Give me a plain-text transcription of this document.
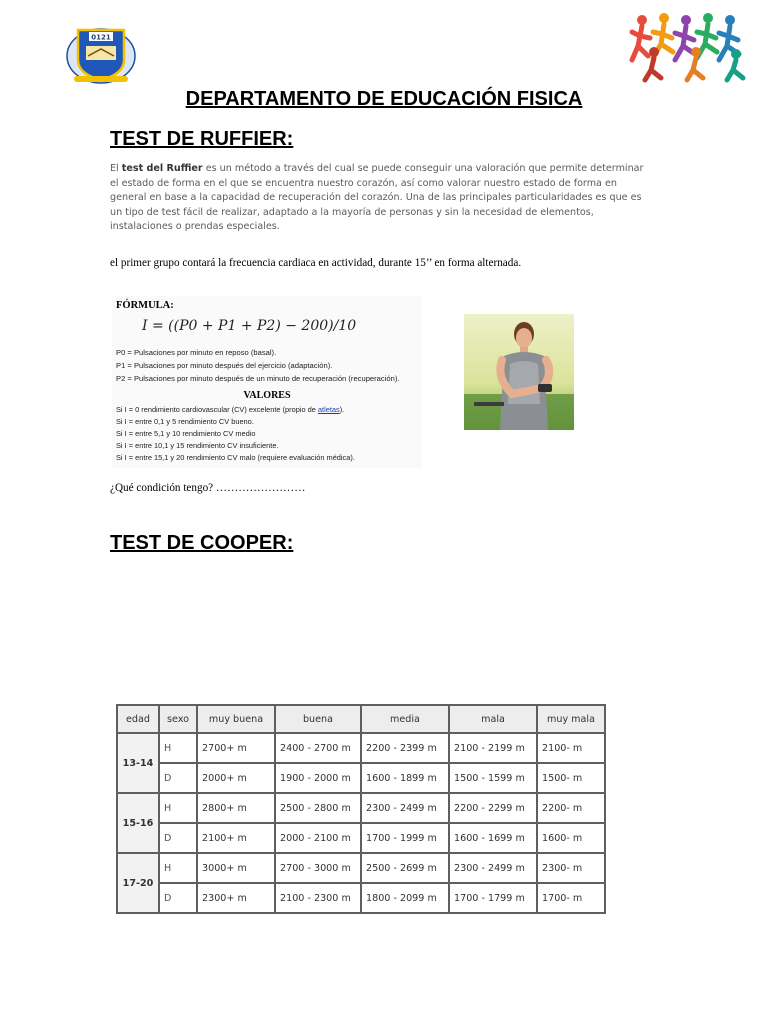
0121
DEPARTAMENTO DE EDUCACIÓN FISICA
TEST DE RUFFIER:

El test del Ruffier es un método a través del cual se puede conseguir una valoración que permite determinar el estado de forma en el que se encuentra nuestro corazón, así como valorar nuestro estado de forma en general en base a la capacidad de recuperación del corazón. Una de las principales particularidades es que es un tipo de test fácil de realizar, adaptado a la mayoría de personas y sin la necesidad de elementos, instalaciones o prendas especiales.

el primer grupo contará la frecuencia cardiaca en actividad, durante 15’’ en forma alternada.
FÓRMULA:
I = ((P0 + P1 + P2) − 200)/10
P0 = Pulsaciones por minuto en reposo (basal).
P1 = Pulsaciones por minuto después del ejercicio (adaptación).
P2 = Pulsaciones por minuto después de un minuto de recuperación (recuperación).
VALORES
Si I = 0 rendimiento cardiovascular (CV) excelente (propio de atletas).
Si I = entre 0,1 y 5 rendimiento CV bueno.
Si I = entre 5,1 y 10 rendimiento CV medio
Si I = entre 10,1 y 15 rendimiento CV insuficiente.
Si I = entre 15,1 y 20 rendimiento CV malo (requiere evaluación médica).
¿Qué condición tengo? ……………………
TEST DE COOPER:
edad	sexo	muy buena	buena	media	mala	muy mala
13-14	H	2700+ m	2400 - 2700 m	2200 - 2399 m	2100 - 2199 m	2100- m
	D	2000+ m	1900 - 2000 m	1600 - 1899 m	1500 - 1599 m	1500- m
15-16	H	2800+ m	2500 - 2800 m	2300 - 2499 m	2200 - 2299 m	2200- m
	D	2100+ m	2000 - 2100 m	1700 - 1999 m	1600 - 1699 m	1600- m
17-20	H	3000+ m	2700 - 3000 m	2500 - 2699 m	2300 - 2499 m	2300- m
	D	2300+ m	2100 - 2300 m	1800 - 2099 m	1700 - 1799 m	1700- m
